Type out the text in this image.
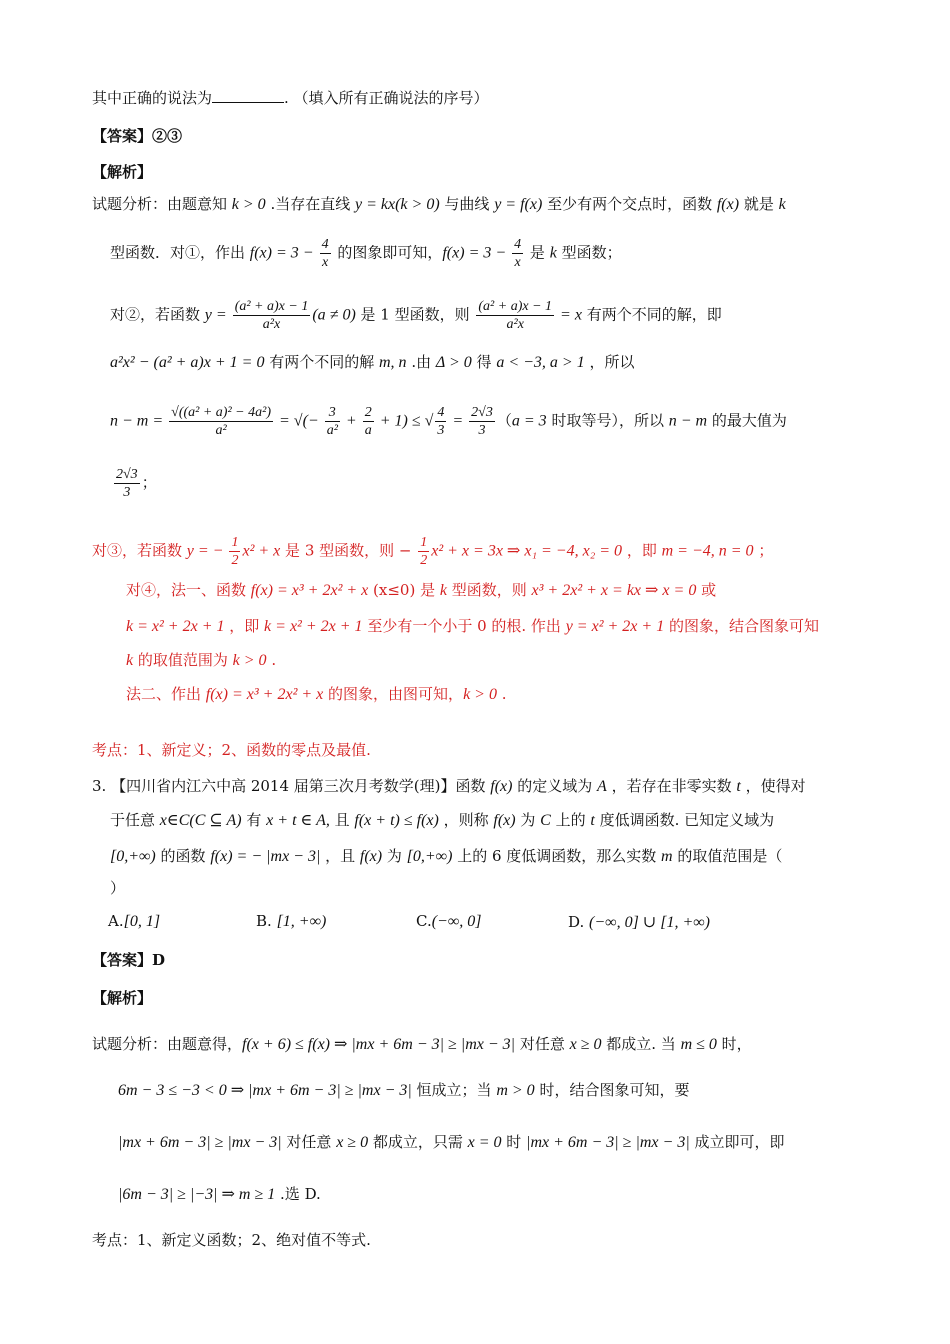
其中正确的说法为	. （填入所有正确说法的序号）
【答案】②③
【解析】
试题分析：由题意知 k > 0 .当存在直线 y = kx(k > 0) 与曲线 y = f(x) 至少有两个交点时，函数 f(x) 就是 k
型函数．对①，作出 $f(x) = 3 - \frac{4}{x}$ 的图象即可知，$f(x) = 3 - \frac{4}{x}$ 是 k 型函数；
对②，若函数 $y = \frac{\text{(a² + a)x − 1}}{\text{a²x}} (a \ne 0)$ 是 1 型函数，则 $\frac{\text{(a² + a)x − 1}}{\text{a²x}} = x$ 有两个不同的解，即
a²x² − (a² + a)x + 1 = 0 有两个不同的解 m, n .由 Δ > 0 得 a < −3, a > 1 ，所以
$n - m = \frac{\text{√((a² + a)² − 4a²)}}{\text{a²}}$ = √(− $\frac{3}{\text{a²}} + \frac{2}{a} + 1$) ≤ √ $\frac{4}{3} = \frac{2√3}{3} (a = 3$ 时取等号），所以 n − m 的最大值为
$\frac{2√3}{3}$ ；
对③，若函数 y = − $\frac{1}{2} x^2 + x$ 是 3 型函数，则 − $\frac{1}{2} x^2 + x = 3x$ ⇒ x₁ = −4, x₂ = 0 ，即 m = −4, n = 0 ；
对④，法一、函数 f(x) = x³ + 2x² + x (x≤0) 是 k 型函数，则 x³ + 2x² + x = kx ⇒ x = 0 或
k = x² + 2x + 1 ，即 k = x² + 2x + 1 至少有一个小于 0 的根. 作出 y = x² + 2x + 1 的图象，结合图象可知
k 的取值范围为 k > 0 .
法二、作出 f(x) = x³ + 2x² + x 的图象，由图可知，k > 0 .
考点：1、新定义；2、函数的零点及最值.
3. 【四川省内江六中高 2014 届第三次月考数学(理)】函数 f(x) 的定义域为 A ，若存在非零实数 t ，使得对
于任意 x∈C(C ⊆ A) 有 x + t ∈ A, 且 f(x + t) ≤ f(x) ，则称 f(x) 为 C 上的 t 度低调函数. 已知定义域为
[0,+∞) 的函数 f(x) = − |mx − 3| ，且 f(x) 为 [0,+∞) 上的 6 度低调函数，那么实数 m 的取值范围是（
）
A.[0, 1]	B. [1, +∞)	C.(−∞, 0]	D. (−∞, 0] ∪ [1, +∞)
【答案】D
【解析】
试题分析：由题意得，f(x + 6) ≤ f(x) ⇒ |mx + 6m − 3| ≥ |mx − 3| 对任意 x ≥ 0 都成立. 当 m ≤ 0 时，
6m − 3 ≤ −3 < 0 ⇒ |mx + 6m − 3| ≥ |mx − 3| 恒成立；当 m > 0 时，结合图象可知，要
|mx + 6m − 3| ≥ |mx − 3| 对任意 x ≥ 0 都成立，只需 x = 0 时 |mx + 6m − 3| ≥ |mx − 3| 成立即可，即
|6m − 3| ≥ |−3| ⇒ m ≥ 1 .选 D.
考点：1、新定义函数；2、绝对值不等式.
